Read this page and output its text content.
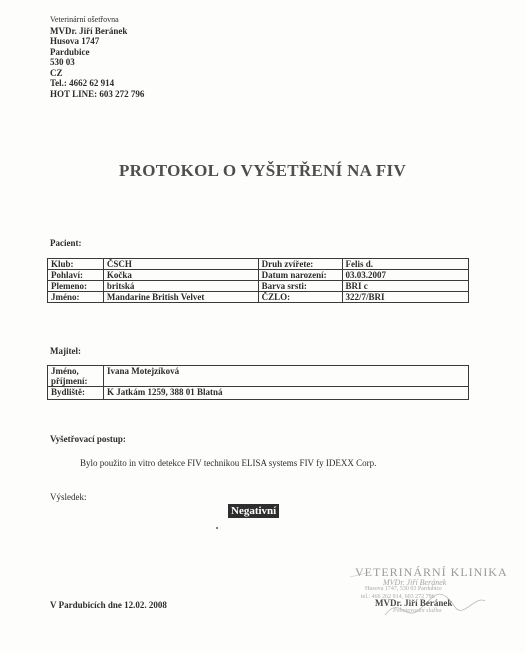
Veterinární ošetřovna
MVDr. Jiří Beránek
Husova 1747
Pardubice
530 03
CZ
Tel.: 4662 62 914
HOT LINE: 603 272 796
PROTOKOL O VYŠETŘENÍ NA FIV
Pacient:
Klub:	ČSCH	Druh zvířete:	Felis d.
Pohlaví:	Kočka	Datum narození:	03.03.2007
Plemeno:	britská	Barva srsti:	BRI c
Jméno:	Mandarine British Velvet	ČZLO:	322/7/BRI
Majitel:
Jméno, příjmení:	Ivana Motejzíková
Bydliště:	K Jatkám 1259, 388 01 Blatná
Vyšetřovací postup:
Bylo použito in vitro detekce FIV technikou ELISA systems FIV fy IDEXX Corp.
Výsledek:
Negativní
V Pardubicích dne 12.02. 2008
VETERINÁRNÍ KLINIKA
MVDr. Jiří Beránek
Husova 1747, 530 03 Pardubice
tel.: 466 262 914, 603 272 796
Pohotovostní služba
MVDr. Jiří Beránek
